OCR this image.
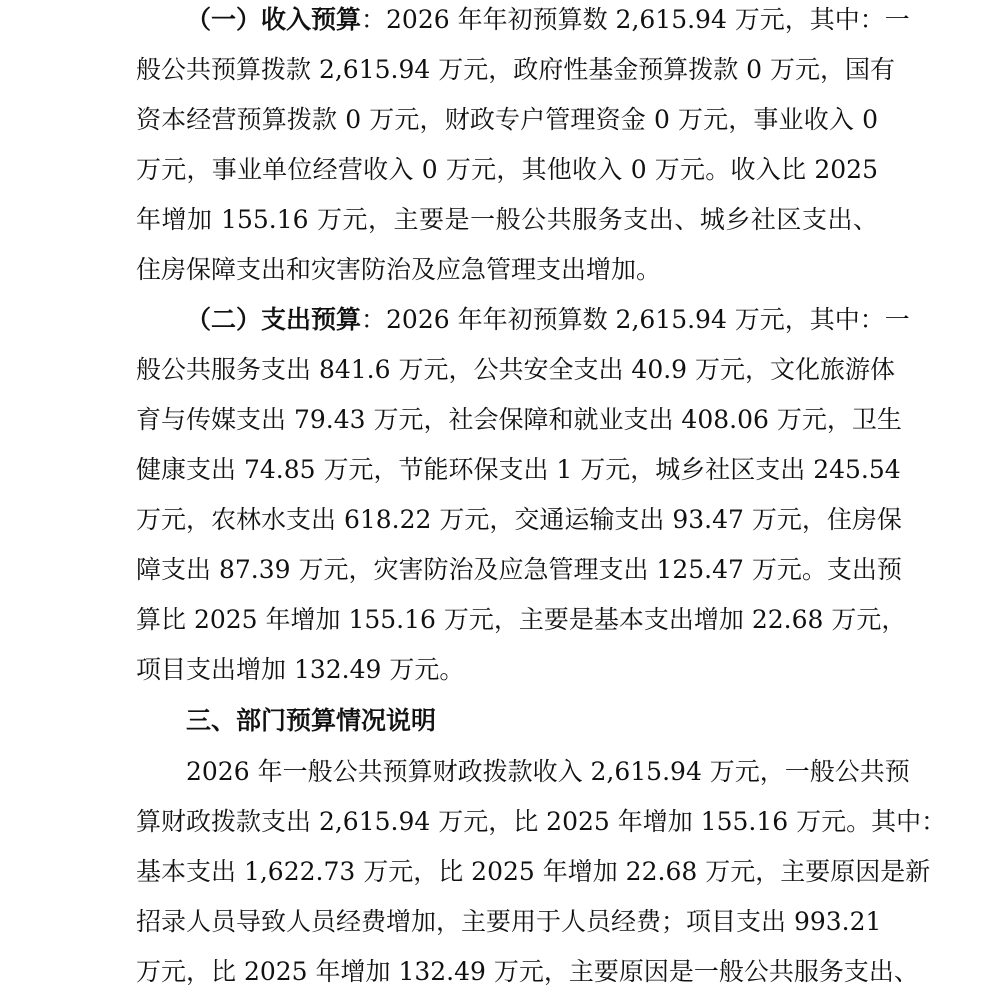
（一）收入预算：2026 年年初预算数 2,615.94 万元，其中：一
般公共预算拨款 2,615.94 万元，政府性基金预算拨款 0 万元，国有
资本经营预算拨款 0 万元，财政专户管理资金 0 万元，事业收入 0
万元，事业单位经营收入 0 万元，其他收入 0 万元。收入比 2025
年增加 155.16 万元，主要是一般公共服务支出、城乡社区支出、
住房保障支出和灾害防治及应急管理支出增加。
（二）支出预算：2026 年年初预算数 2,615.94 万元，其中：一
般公共服务支出 841.6 万元，公共安全支出 40.9 万元，文化旅游体
育与传媒支出 79.43 万元，社会保障和就业支出 408.06 万元，卫生
健康支出 74.85 万元，节能环保支出 1 万元，城乡社区支出 245.54
万元，农林水支出 618.22 万元，交通运输支出 93.47 万元，住房保
障支出 87.39 万元，灾害防治及应急管理支出 125.47 万元。支出预
算比 2025 年增加 155.16 万元，主要是基本支出增加 22.68 万元，
项目支出增加 132.49 万元。
三、部门预算情况说明
2026 年一般公共预算财政拨款收入 2,615.94 万元，一般公共预
算财政拨款支出 2,615.94 万元，比 2025 年增加 155.16 万元。其中：
基本支出 1,622.73 万元，比 2025 年增加 22.68 万元，主要原因是新
招录人员导致人员经费增加，主要用于人员经费；项目支出 993.21
万元，比 2025 年增加 132.49 万元，主要原因是一般公共服务支出、
